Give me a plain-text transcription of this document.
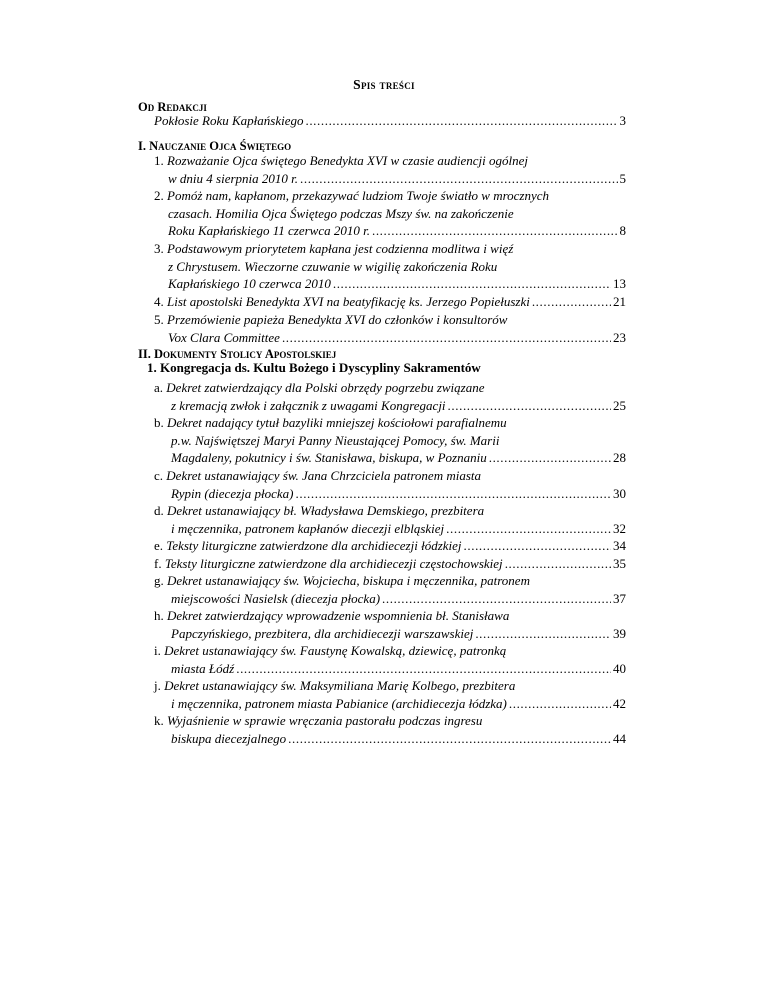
Spis treści
Od Redakcji
Pokłosie Roku Kapłańskiego .....	3
I. Nauczanie Ojca Świętego
1.
Rozważanie Ojca świętego Benedykta XVI w czasie audiencji ogólnej
w dniu 4 sierpnia 2010 r. .....	5
2.
Pomóż nam, kapłanom, przekazywać ludziom Twoje światło w mrocznych
czasach. Homilia Ojca Świętego podczas Mszy św. na zakończenie
Roku Kapłańskiego 11 czerwca 2010 r. .....	8
3.
Podstawowym priorytetem kapłana jest codzienna modlitwa i więź
z Chrystusem. Wieczorne czuwanie w wigilię zakończenia Roku
Kapłańskiego 10 czerwca 2010 .....	13
4.
List apostolski Benedykta XVI na beatyfikację ks. Jerzego Popiełuszki .....	21
5.
Przemówienie papieża Benedykta XVI do członków i konsultorów
Vox Clara Committee .....	23
II. Dokumenty Stolicy Apostolskiej
1. Kongregacja ds. Kultu Bożego i Dyscypliny Sakramentów
a.
Dekret zatwierdzający dla Polski obrzędy pogrzebu związane
z kremacją zwłok i załącznik z uwagami Kongregacji .....	25
b.
Dekret nadający tytuł bazyliki mniejszej kościołowi parafialnemu
p.w. Najświętszej Maryi Panny Nieustającej Pomocy, św. Marii
Magdaleny, pokutnicy i św. Stanisława, biskupa, w Poznaniu .....	28
c.
Dekret ustanawiający św. Jana Chrzciciela patronem miasta
Rypin (diecezja płocka) .....	30
d.
Dekret ustanawiający bł. Władysława Demskiego, prezbitera
i męczennika, patronem kapłanów diecezji elbląskiej .....	32
e.
Teksty liturgiczne zatwierdzone dla archidiecezji łódzkiej .....	34
f.
Teksty liturgiczne zatwierdzone dla archidiecezji częstochowskiej .....	35
g.
Dekret ustanawiający św. Wojciecha, biskupa i męczennika, patronem
miejscowości Nasielsk (diecezja płocka) .....	37
h.
Dekret zatwierdzający wprowadzenie wspomnienia bł. Stanisława
Papczyńskiego, prezbitera, dla archidiecezji warszawskiej .....	39
i.
Dekret ustanawiający św. Faustynę Kowalską, dziewicę, patronką
miasta Łódź .....	40
j.
Dekret ustanawiający św. Maksymiliana Marię Kolbego, prezbitera
i męczennika, patronem miasta Pabianice (archidiecezja łódzka) .....	42
k.
Wyjaśnienie w sprawie wręczania pastorału podczas ingresu
biskupa diecezjalnego .....	44
